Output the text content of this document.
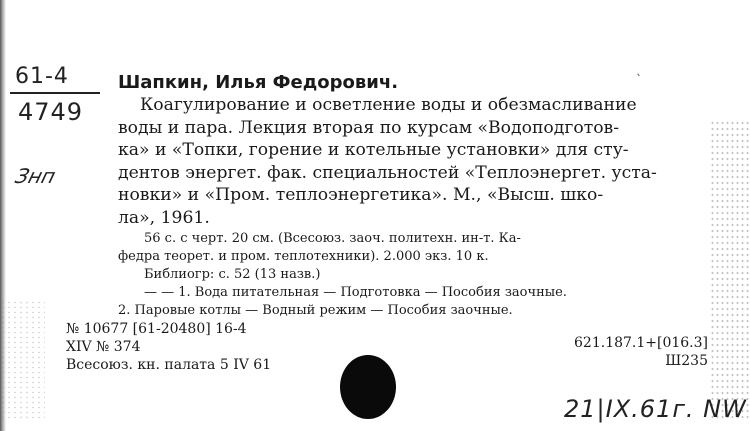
61-4
4749
Знп
ˎ
Шапкин, Илья Федорович.
Коагулирование и осветление воды и обезмасливание
воды и пара. Лекция вторая по курсам «Водоподготов-
ка» и «Топки, горение и котельные установки» для сту-
дентов энергет. фак. специальностей «Теплоэнергет. уста-
новки» и «Пром. теплоэнергетика». М., «Высш. шко-
ла», 1961.
56 с. с черт. 20 см. (Всесоюз. заоч. политехн. ин-т. Ка-
федра теорет. и пром. теплотехники). 2.000 экз. 10 к.
Библиогр: с. 52 (13 назв.)
— — 1. Вода питательная — Подготовка — Пособия заочные.
2. Паровые котлы — Водный режим — Пособия заочные.
№ 10677 [61-20480] 16-4
XIV № 374
Всесоюз. кн. палата 5 IV 61
621.187.1+[016.3]
Ш235
21|IX.61г. NW
